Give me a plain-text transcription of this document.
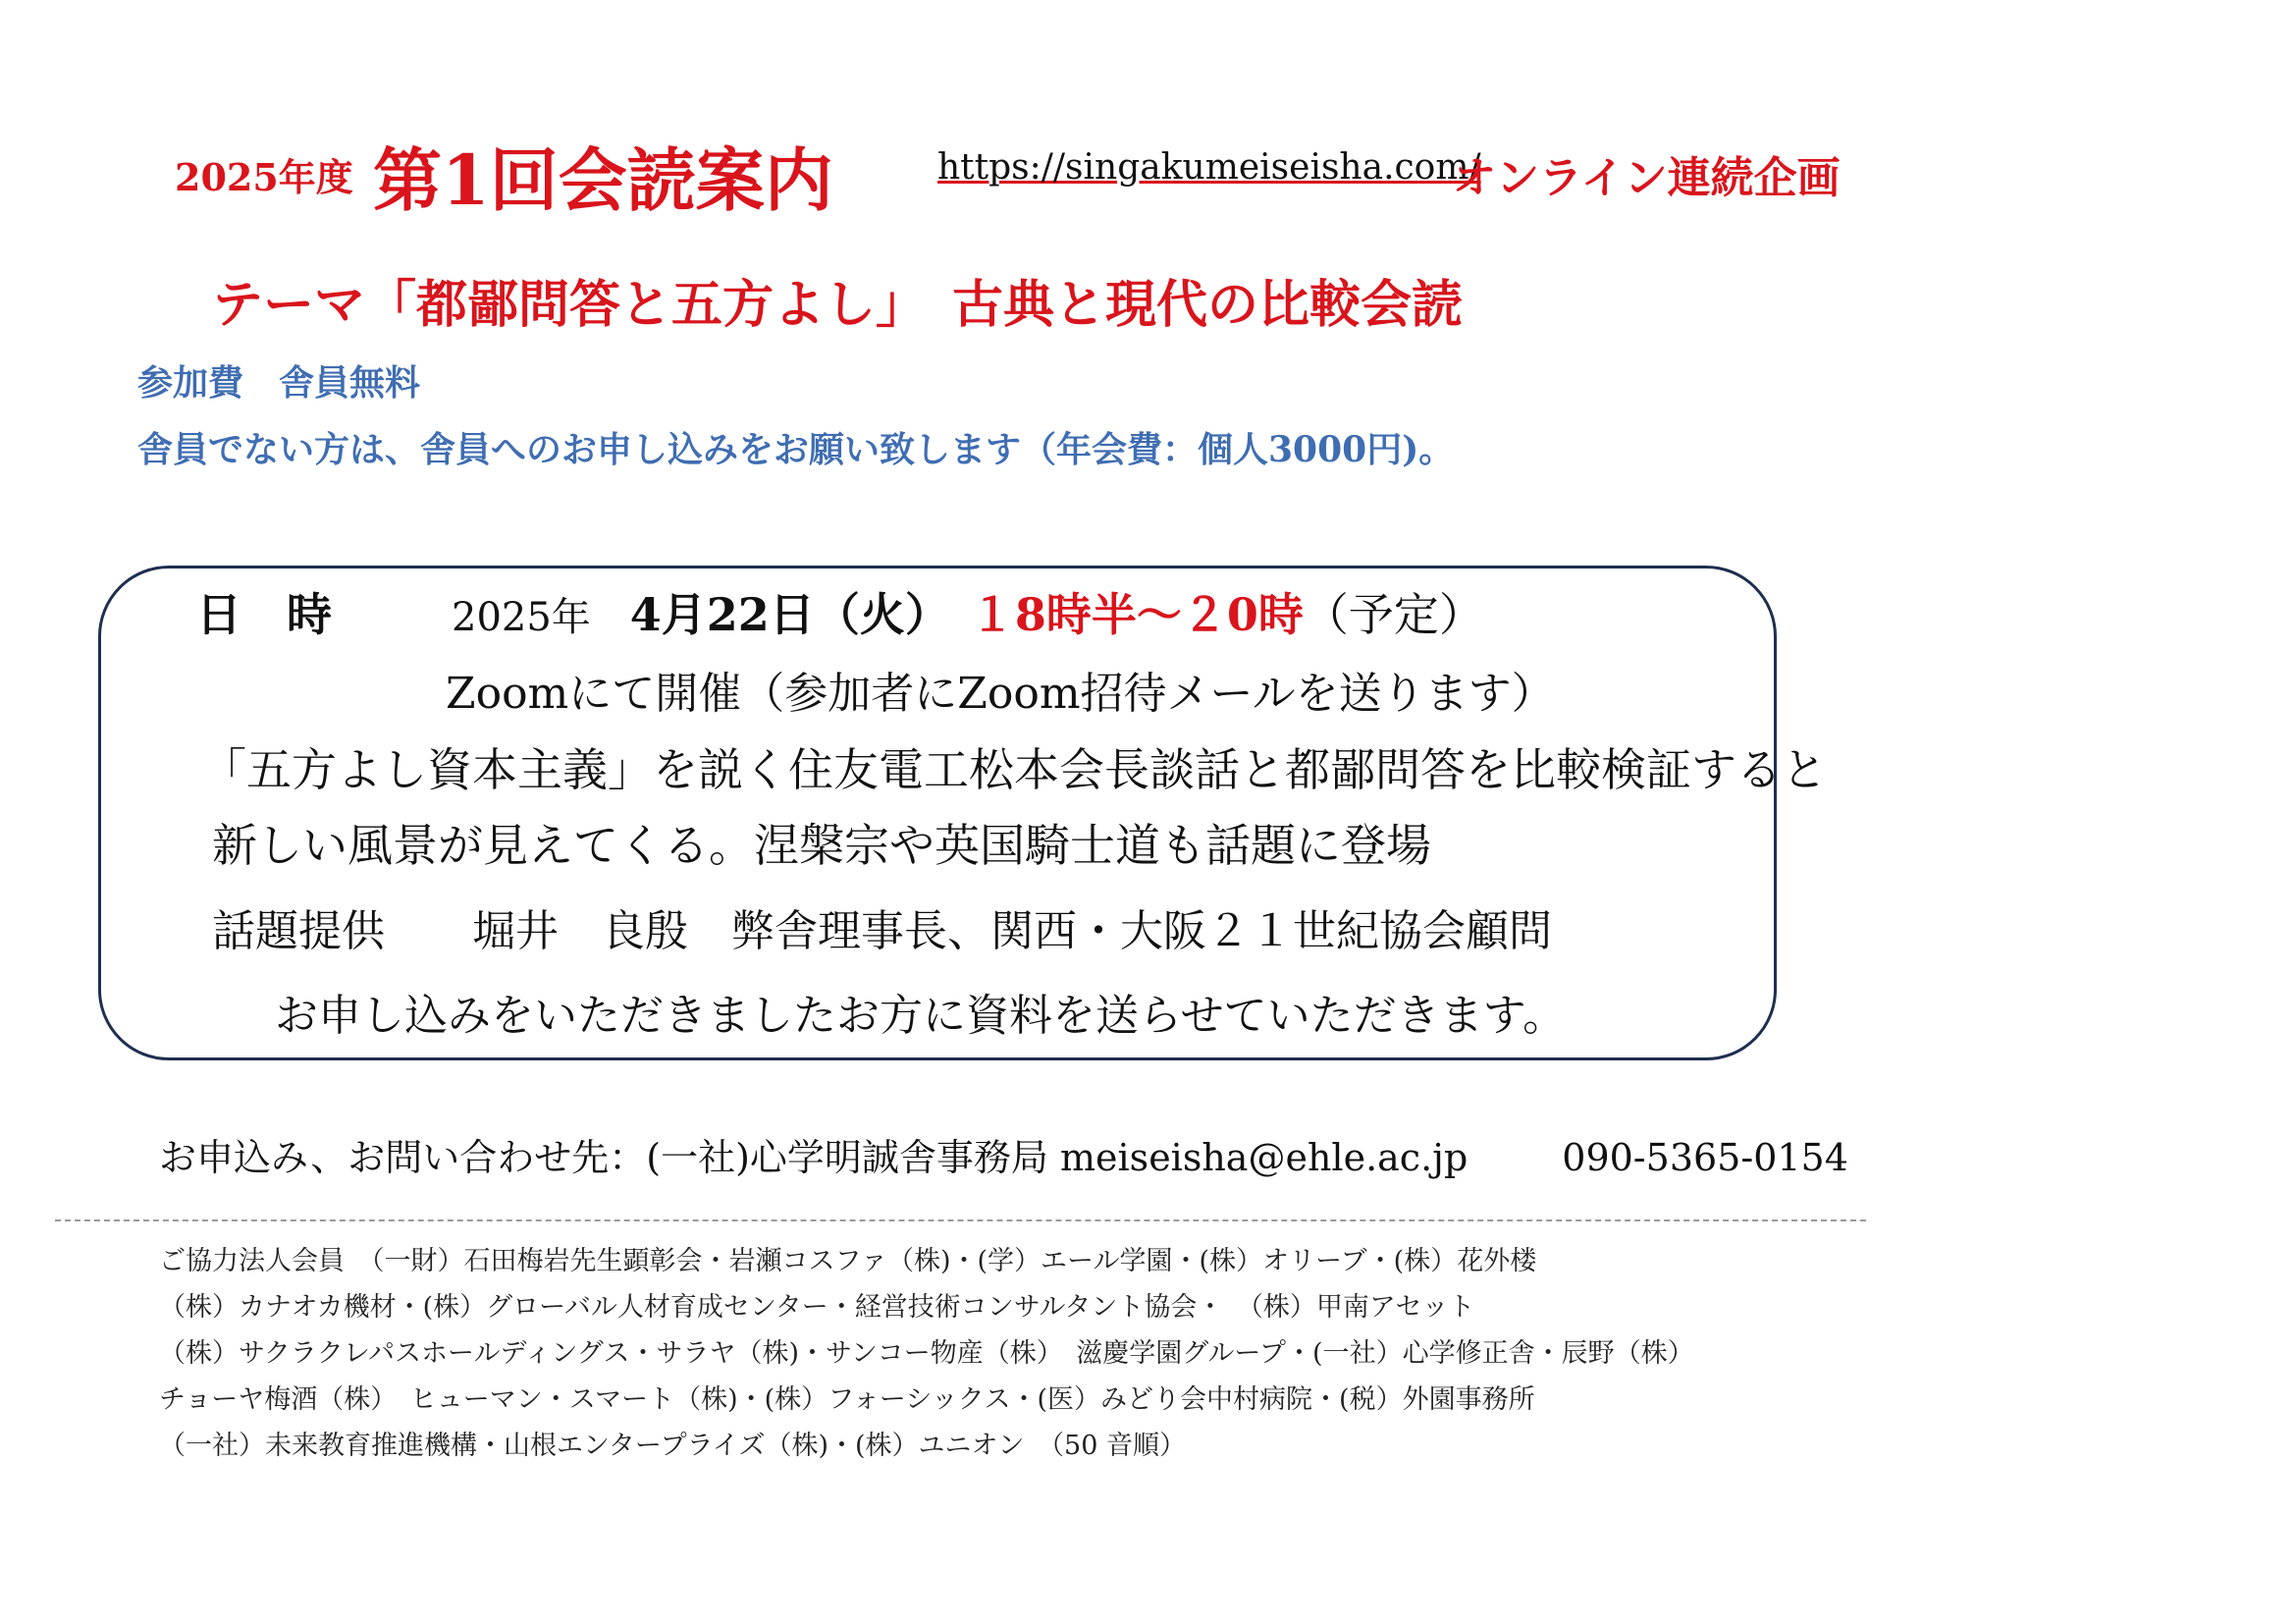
2025年度 第1回会読案内	https://singakumeiseisha.com/
オンライン連続企画
テーマ「都鄙問答と五方よし」　古典と現代の比較会読
参加費　舎員無料
舎員でない方は、舎員へのお申し込みをお願い致します（年会費：個人3000円)。
日　時	2025年 4月22日（火） １8時半～２0時（予定）
Zoomにて開催（参加者にZoom招待メールを送ります）
「五方よし資本主義」を説く住友電工松本会長談話と都鄙問答を比較検証すると
新しい風景が見えてくる。涅槃宗や英国騎士道も話題に登場
話題提供 堀井　良殷　弊舎理事長、関西・大阪２１世紀協会顧問
お申し込みをいただきましたお方に資料を送らせていただきます。
お申込み、お問い合わせ先：(一社)心学明誠舎事務局 meiseisha@ehle.ac.jp	090-5365-0154
ご協力法人会員　（一財）石田梅岩先生顕彰会・岩瀬コスファ（株)・(学）エール学園・(株）オリーブ・(株）花外楼
（株）カナオカ機材・(株）グローバル人材育成センター・経営技術コンサルタント協会・　（株）甲南アセット
（株）サクラクレパスホールディングス・サラヤ（株)・サンコー物産（株）　滋慶学園グループ・(一社）心学修正舎・辰野（株）
チョーヤ梅酒（株）　ヒューマン・スマート（株)・(株）フォーシックス・(医）みどり会中村病院・(税）外園事務所
（一社）未来教育推進機構・山根エンタープライズ（株)・(株）ユニオン　（50 音順）
